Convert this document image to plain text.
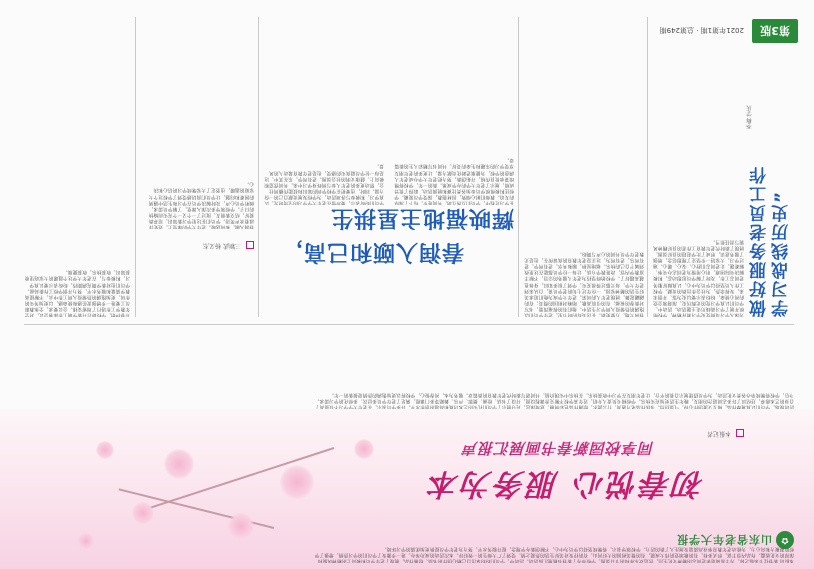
✿
山东省老年大学报
第3版
2021年第1期 · 总第249期
初春悦心 服务为本
同享校园新春书画展汇报声
本报记者
本报讯 新春佳节来临之际，为丰富离退休老同志的精神文化生活，营造欢乐祥和的节日氛围，学校举办了新春书画展汇报活动。活动中，学员们纷纷拿出自己精心创作的书法、绘画作品，展现了老年学员积极向上的精神风貌和深厚的文化底蕴。作品内容丰富，形式多样，有的歌颂党的伟大成就，有的赞美祖国的大好河山，有的抒发对美好生活的热爱之情，受到了广大师生的一致好评。本次活动的成功举办，进一步激发了学员们的学习热情，增强了学校的凝聚力和向心力，为推动老年教育事业高质量发展注入了新的活力。学校领导表示，将继续坚持以学员为中心，不断创新办学理念，提升服务水平，努力为老年学员提供更加优质的学习环境。
活动现场，学员们认真观摩作品，相互交流创作心得，气氛热烈。书法作品笔力遒劲、行云流水，绘画作品色彩明丽、意境深远，充分展示了学员们扎实的艺术功底和高超的创作水平。许多学员表示，在老年大学学习不仅提高了自身的艺术修养，还结识了许多志同道合的朋友，晚年生活更加充实快乐。学校相关负责人介绍，近年来学校不断完善课程设置，开设了书法、绘画、摄影、声乐、舞蹈等多门课程，满足了老年学员多层次、多样化的学习需求。今后，学校将继续举办各类文化活动，为学员搭建展示自我的平台，让老年朋友在学习中收获快乐，在快乐中实现价值，共同谱写新时代老年教育的新篇章。服务为本，初春悦心，学校将以更加饱满的热情迎接新的一年。
春润入颐和己高，
辉映福地主星拱生
三颖武 杨义杰
春回大地，万象更新。在这美好的时节里，老年学员们以饱满的热情投入到学习生活中。他们有的挥毫泼墨，书写对新春的祝福；有的引吭高歌，唱响对祖国的赞美；有的翩翩起舞，展现老年人的风采。老年大学成为他们追求美好生活的精神家园。一位年过七旬的老学员说，自从来到老年大学，每天都过得很充实，学到了很多知识，身体也越来越好了。学校始终坚持为老年人服务的宗旨，不断丰富教学内容，改进教学方法，让每一位学员都能在这里找到属于自己的快乐。福地星拱，颐和共享，老有所学，老有所乐，老有所为，这正是老年教育的真谛所在，也是无数老年学员共同的心声与期盼。
在学习过程中，学员们互帮互助，共同进步，结下了深厚的友谊。教师们耐心细致，因材施教，深受学员爱戴。学校还积极组织学员参加各类比赛和展演活动，取得了优异成绩，展示了老年大学的办学成果。新的一年，学校将继续秉承优良传统，开拓创新，努力把老年大学办成老年人满意的学校，为健康老龄化贡献力量，让更多的老年朋友享受学习的乐趣和生命的美好，共同书写精彩人生的新篇章。
学员们纷纷表示，要珍惜在老年大学学习的宝贵时光，认真学习，积极参与各项活动，为学校发展贡献自己的一份力量。同时，也要把在学校学到的知识和技能传播到社会，带动更多的老年人参与到终身学习中来，共同营造积极向上、健康文明的社会氛围。老有所学，乐在其中，这是每一位学员最真实的感受，也是老年教育最动人的风景。
春润入颐，和风送暖。老年大学的课堂上，处处洋溢着欢声笑语。学员们在这里学习新知识，培养新爱好，结交新朋友，度过了一个又一个充实而愉快的日子。学校领导多次深入课堂，了解学员需求，倾听学员心声，及时解决学员在学习和生活中遇到的困难和问题，让学员们真切感受到了学校这个大家庭的温暖，也坚定了大家继续学习的信心和决心。
学习战线历史”
做好服务老员工作
李梅 学庆
为深入学习贯彻党史学习教育精神，学校组织开展了学习战线历史主题活动。活动中，学员们认真学习党的光辉历史，深刻领会党的初心使命，纷纷表示要以史为鉴、开创未来，发挥余热，为社会作出新的贡献。学校工作人员坚持以学员为中心，认真做好服务老同志工作，及时了解学员思想动态，积极解决实际困难，用心用情为老同志办实事、解难题，让老同志们舒心、安心、暖心。通过学习，大家进一步坚定了理想信念，增强了服务意识，形成了比学赶超的良好氛围，展现了新时代老年教育工作者的良好精神风貌与责任担当。
开春伊始，学校即召开新学期工作部署会议，对全年教学工作进行了周密安排。会议要求，全体教职员工要进一步增强责任感和使命感，以更加务实的作风、更加饱满的热情投入到工作中去，不断提高教学质量和服务水平，努力开创学校工作新局面。学员们也对新学期充满期待，纷纷表示要认真学习，积极参与，在老年大学这个温暖的大家庭里收获知识，收获快乐，收获健康。
